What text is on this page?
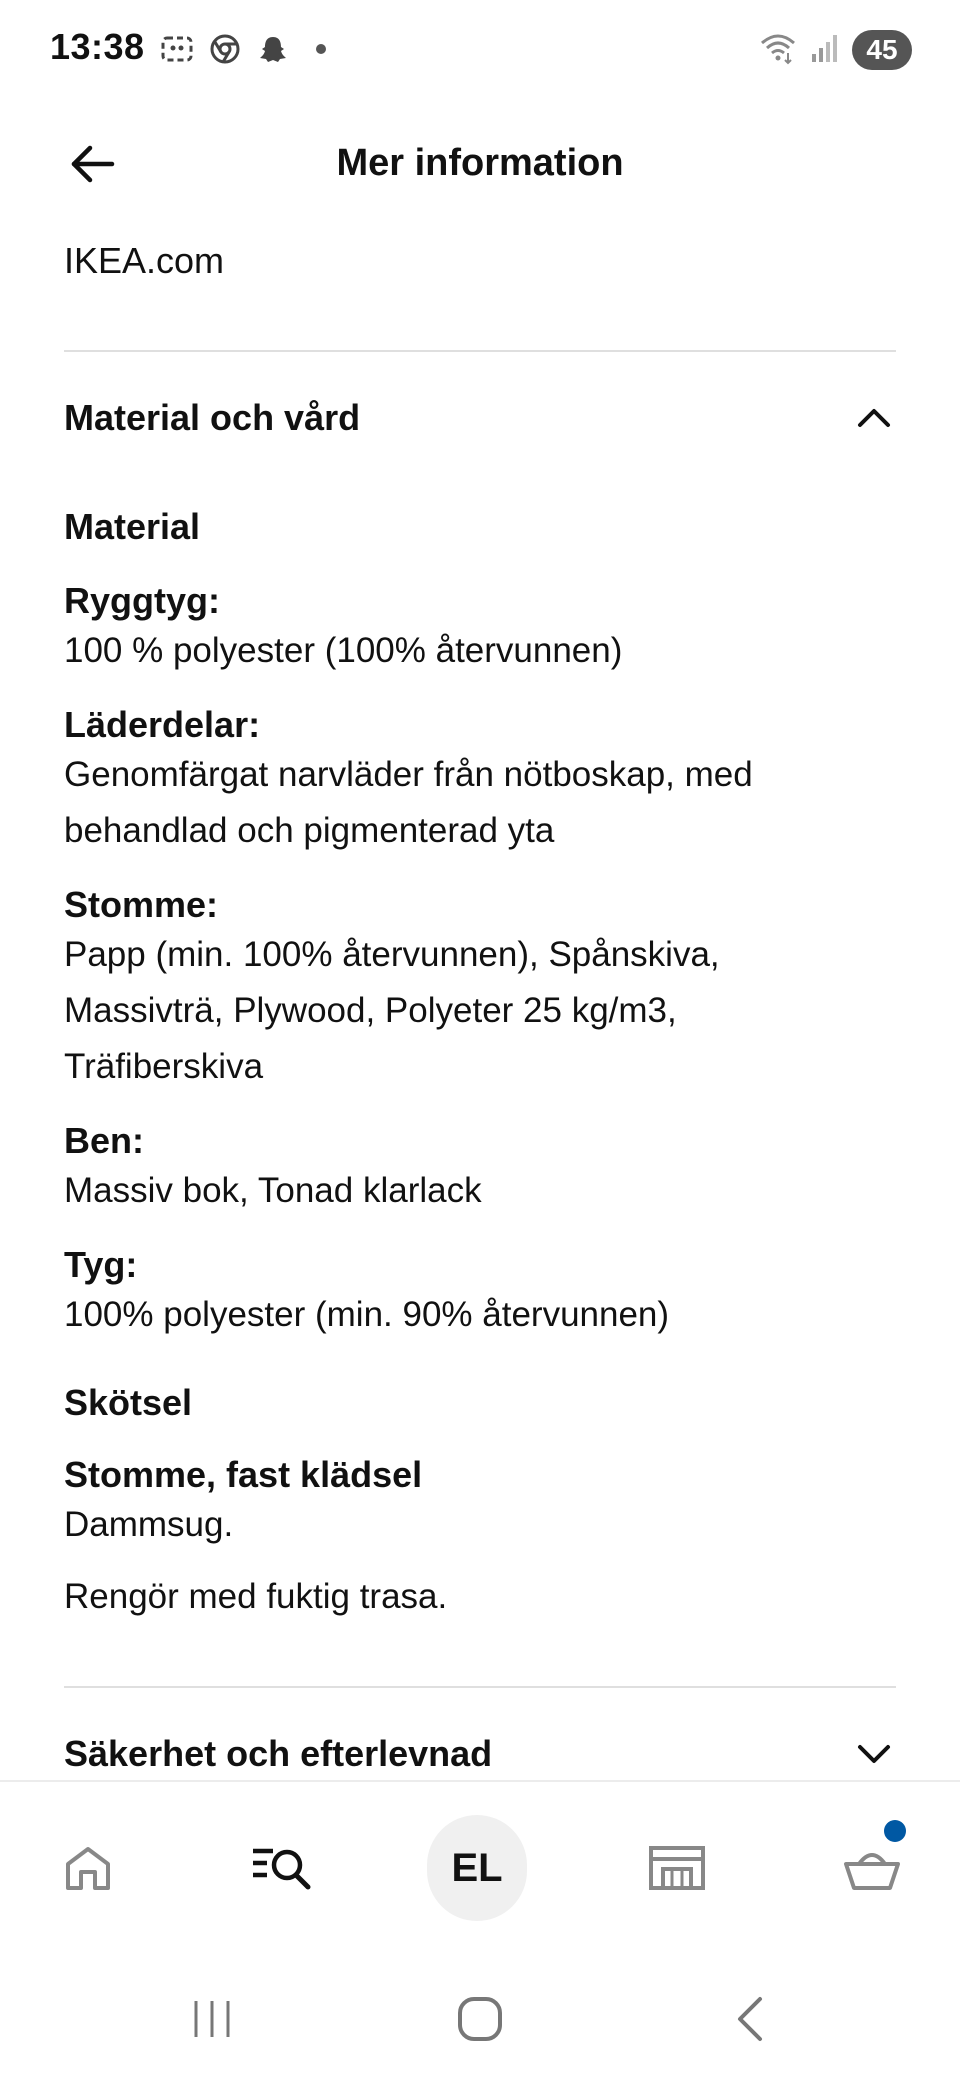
13:38	45
Mer information
IKEA.com
Material och vård
Material
Ryggtyg:
100 % polyester (100% återvunnen)
Läderdelar:
Genomfärgat narvläder från nötboskap, med
behandlad och pigmenterad yta
Stomme:
Papp (min. 100% återvunnen), Spånskiva,
Massivträ, Plywood, Polyeter 25 kg/m3,
Träfiberskiva
Ben:
Massiv bok, Tonad klarlack
Tyg:
100% polyester (min. 90% återvunnen)
Skötsel
Stomme, fast klädsel
Dammsug.
Rengör med fuktig trasa.
Säkerhet och efterlevnad
EL
